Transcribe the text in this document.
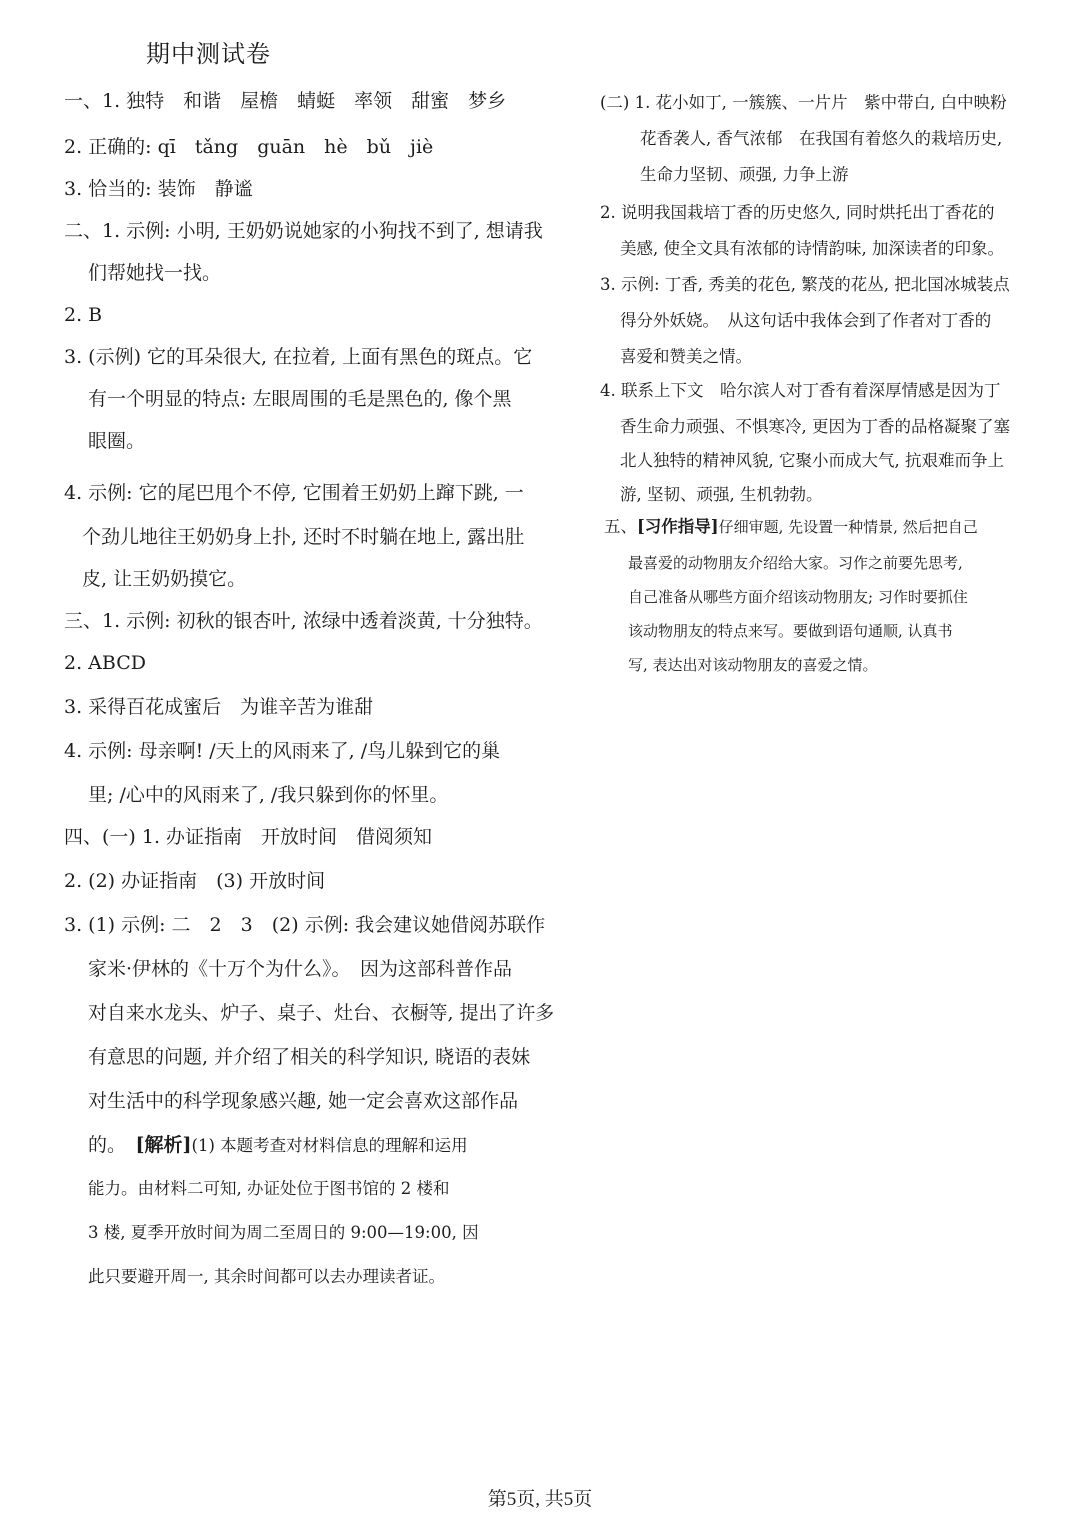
期中测试卷
一、1. 独特　和谐　屋檐　蜻蜓　率领　甜蜜　梦乡
2. 正确的: qī　tǎng　guān　hè　bǔ　jiè
3. 恰当的: 装饰　静谧
二、1. 示例: 小明, 王奶奶说她家的小狗找不到了, 想请我
们帮她找一找。
2. B
3. (示例) 它的耳朵很大, 在拉着, 上面有黑色的斑点。它
有一个明显的特点: 左眼周围的毛是黑色的, 像个黑
眼圈。
4. 示例: 它的尾巴甩个不停, 它围着王奶奶上蹿下跳, 一
个劲儿地往王奶奶身上扑, 还时不时躺在地上, 露出肚
皮, 让王奶奶摸它。
三、1. 示例: 初秋的银杏叶, 浓绿中透着淡黄, 十分独特。
2. ABCD
3. 采得百花成蜜后　为谁辛苦为谁甜
4. 示例: 母亲啊! /天上的风雨来了, /鸟儿躲到它的巢
里; /心中的风雨来了, /我只躲到你的怀里。
四、(一) 1. 办证指南　开放时间　借阅须知
2. (2) 办证指南　(3) 开放时间
3. (1) 示例: 二　2　3　(2) 示例: 我会建议她借阅苏联作
家米·伊林的《十万个为什么》。　因为这部科普作品
对自来水龙头、炉子、桌子、灶台、衣橱等, 提出了许多
有意思的问题, 并介绍了相关的科学知识, 晓语的表妹
对生活中的科学现象感兴趣, 她一定会喜欢这部作品
的。　 [解析](1) 本题考查对材料信息的理解和运用
能力。由材料二可知, 办证处位于图书馆的 2 楼和
3 楼, 夏季开放时间为周二至周日的 9:00—19:00, 因
此只要避开周一, 其余时间都可以去办理读者证。
(二) 1. 花小如丁, 一簇簇、一片片　紫中带白, 白中映粉
花香袭人, 香气浓郁　在我国有着悠久的栽培历史,
生命力坚韧、顽强, 力争上游
2. 说明我国栽培丁香的历史悠久, 同时烘托出丁香花的
美感, 使全文具有浓郁的诗情韵味, 加深读者的印象。
3. 示例: 丁香, 秀美的花色, 繁茂的花丛, 把北国冰城装点
得分外妖娆。　从这句话中我体会到了作者对丁香的
喜爱和赞美之情。
4. 联系上下文　哈尔滨人对丁香有着深厚情感是因为丁
香生命力顽强、不惧寒冷, 更因为丁香的品格凝聚了塞
北人独特的精神风貌, 它聚小而成大气, 抗艰难而争上
游, 坚韧、顽强, 生机勃勃。
五、[习作指导]仔细审题, 先设置一种情景, 然后把自己
最喜爱的动物朋友介绍给大家。习作之前要先思考,
自己准备从哪些方面介绍该动物朋友; 习作时要抓住
该动物朋友的特点来写。要做到语句通顺, 认真书
写, 表达出对该动物朋友的喜爱之情。
第5页, 共5页
